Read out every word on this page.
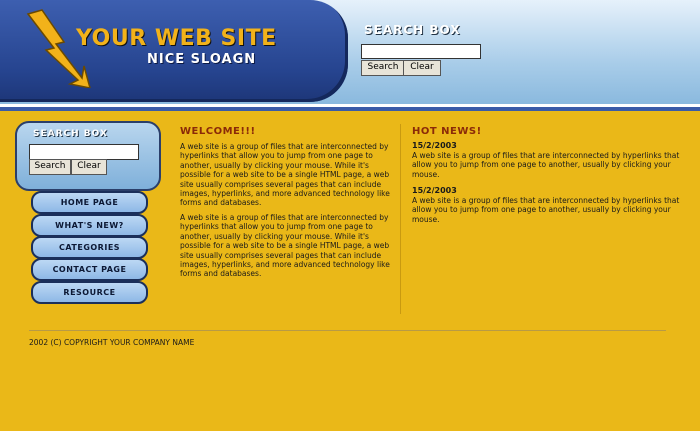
YOUR WEB SITE
NICE SLOAGN
SEARCH BOX
Search	Clear
SEARCH BOX
Search	Clear
HOME PAGE
WHAT'S NEW?
CATEGORIES
CONTACT PAGE
RESOURCE
WELCOME!!!
A web site is a group of files that are interconnected by hyperlinks that allow you to jump from one page to another, usually by clicking your mouse. While it's possible for a web site to be a single HTML page, a web site usually comprises several pages that can include images, hyperlinks, and more advanced technology like forms and databases.
A web site is a group of files that are interconnected by hyperlinks that allow you to jump from one page to another, usually by clicking your mouse. While it's possible for a web site to be a single HTML page, a web site usually comprises several pages that can include images, hyperlinks, and more advanced technology like forms and databases.
HOT NEWS!
15/2/2003
A web site is a group of files that are interconnected by hyperlinks that allow you to jump from one page to another, usually by clicking your mouse.
15/2/2003
A web site is a group of files that are interconnected by hyperlinks that allow you to jump from one page to another, usually by clicking your mouse.
2002 (C) COPYRIGHT YOUR COMPANY NAME
